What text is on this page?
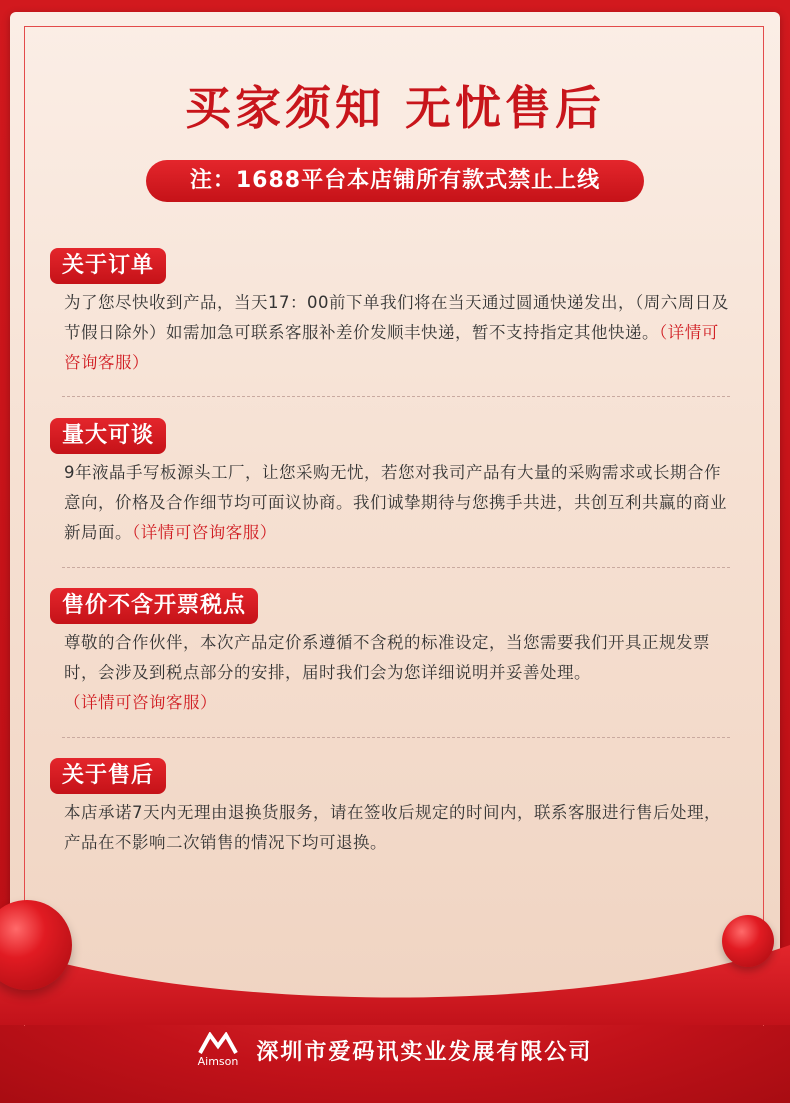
买家须知 无忧售后
注：1688平台本店铺所有款式禁止上线
关于订单
为了您尽快收到产品，当天17：00前下单我们将在当天通过圆通快递发出，（周六周日及节假日除外）如需加急可联系客服补差价发顺丰快递，暂不支持指定其他快递。（详情可咨询客服）
量大可谈
9年液晶手写板源头工厂，让您采购无忧，若您对我司产品有大量的采购需求或长期合作意向，价格及合作细节均可面议协商。我们诚挚期待与您携手共进，共创互利共赢的商业新局面。（详情可咨询客服）
售价不含开票税点
尊敬的合作伙伴，本次产品定价系遵循不含税的标准设定，当您需要我们开具正规发票时，会涉及到税点部分的安排，届时我们会为您详细说明并妥善处理。（详情可咨询客服）
关于售后
本店承诺7天内无理由退换货服务，请在签收后规定的时间内，联系客服进行售后处理，产品在不影响二次销售的情况下均可退换。
Aimson 深圳市爱码讯实业发展有限公司
